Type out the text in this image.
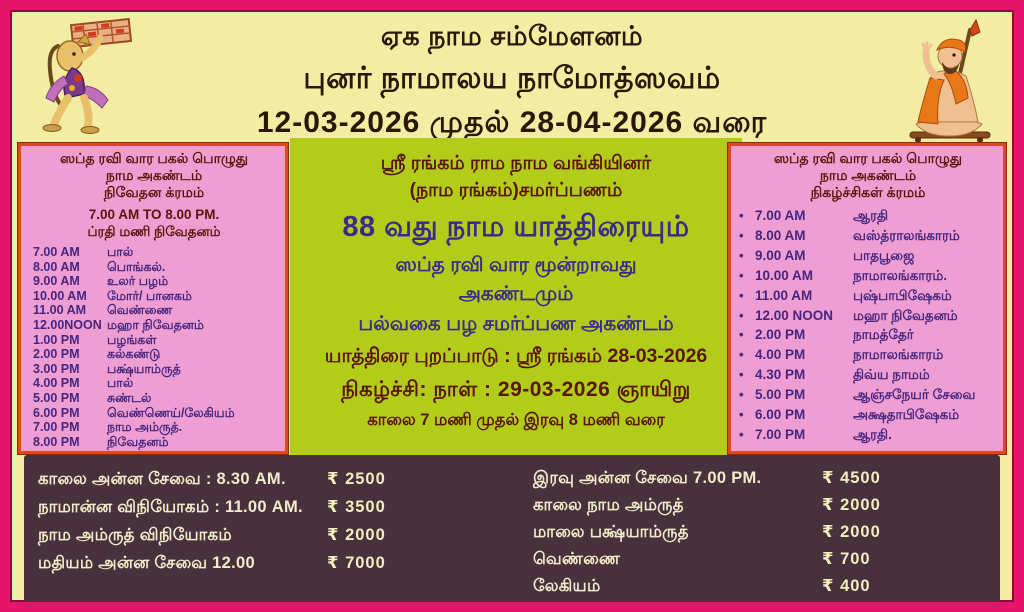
ஏக நாம சம்மேளனம்
புனர் நாமாலய நாமோத்ஸவம்
12-03-2026 முதல் 28-04-2026 வரை
ஸப்த ரவி வார பகல் பொழுது
நாம அகண்டம்
நிவேதன க்ரமம்
7.00 AM TO 8.00 PM.
ப்ரதி மணி நிவேதனம்
7.00 AM	பால்
8.00 AM	பொங்கல்.
9.00 AM	உலர் பழம்
10.00 AM	மோர்/ பானகம்
11.00 AM	வெண்ணை
12.00NOON மஹா நிவேதனம்
1.00 PM	பழங்கள்
2.00 PM	கல்கண்டு
3.00 PM	பக்ஷ்யாம்ருத்
4.00 PM	பால்
5.00 PM	சுண்டல்
6.00 PM	வெண்ணெய்/லேகியம்
7.00 PM	நாம அம்ருத்.
8.00 PM	நிவேதனம்
ஸ்ரீ ரங்கம் ராம நாம வங்கியினர்
(நாம ரங்கம்)சமர்ப்பணம்
88 வது நாம யாத்திரையும்
ஸப்த ரவி வார மூன்றாவது
அகண்டமும்
பல்வகை பழ சமர்ப்பண அகண்டம்
யாத்திரை புறப்பாடு : ஸ்ரீ ரங்கம் 28-03-2026
நிகழ்ச்சி: நாள் : 29-03-2026 ஞாயிறு
காலை 7 மணி முதல் இரவு 8 மணி வரை
ஸப்த ரவி வார பகல் பொழுது
நாம அகண்டம்
நிகழ்ச்சிகள் க்ரமம்
• 7.00 AM	ஆரதி
• 8.00 AM	வஸ்த்ராலங்காரம்
• 9.00 AM	பாதபூஜை
• 10.00 AM	நாமாலங்காரம்.
• 11.00 AM	புஷ்பாபிஷேகம்
• 12.00 NOON	மஹா நிவேதனம்
• 2.00 PM	நாமத்தேர்
• 4.00 PM	நாமாலங்காரம்
• 4.30 PM	திவ்ய நாமம்
• 5.00 PM	ஆஞ்சநேயர் சேவை
• 6.00 PM	அக்ஷதாபிஷேகம்
• 7.00 PM	ஆரதி.
காலை அன்ன சேவை : 8.30 AM.	₹ 2500
நாமான்ன விநியோகம் : 11.00 AM.	₹ 3500
நாம அம்ருத் விநியோகம்	₹ 2000
மதியம் அன்ன சேவை 12.00	₹ 7000
இரவு அன்ன சேவை 7.00 PM.	₹ 4500
காலை நாம அம்ருத்	₹ 2000
மாலை பக்ஷ்யாம்ருத்	₹ 2000
வெண்ணை	₹ 700
லேகியம்	₹ 400
